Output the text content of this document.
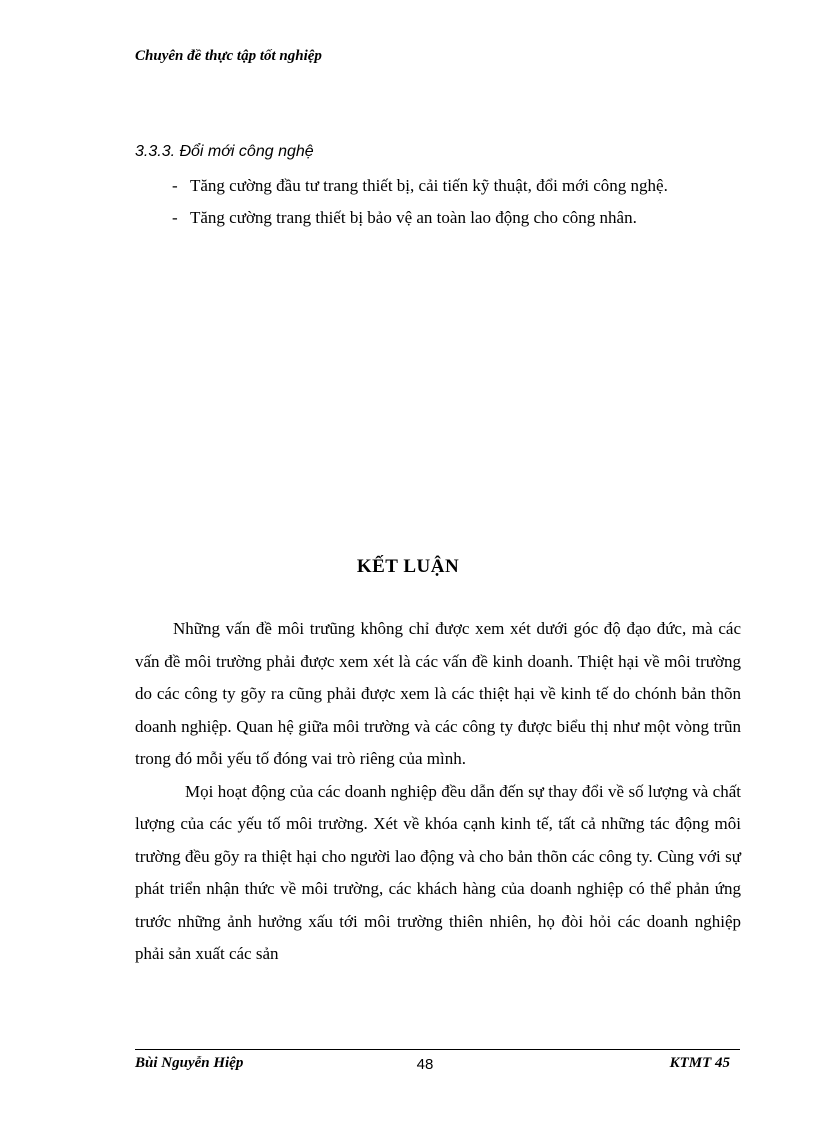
Chuyên đề thực tập tốt nghiệp
3.3.3. Đổi mới công nghệ
- Tăng cường đầu tư trang thiết bị, cải tiến kỹ thuật, đổi mới công nghệ.
- Tăng cường trang thiết bị bảo vệ an toàn lao động cho công nhân.
KẾT LUẬN

Những vấn đề môi trưũng không chỉ được xem xét dưới góc độ đạo đức, mà các vấn đề môi trường phải được xem xét là các vấn đề kinh doanh. Thiệt hại về môi trường do các công ty gõy ra cũng phải được xem là các thiệt hại về kinh tế do chónh bản thõn doanh nghiệp. Quan hệ giữa môi trường và các công ty được biểu thị như một vòng trũn trong đó mỗi yếu tố đóng vai trò riêng của mình.

Mọi hoạt động của các doanh nghiệp đều dẫn đến sự thay đổi về số lượng và chất lượng của các yếu tố môi trường. Xét về khóa cạnh kinh tế, tất cả những tác động môi trường đều gõy ra thiệt hại cho người lao động và cho bản thõn các công ty. Cùng với sự phát triển nhận thức về môi trường, các khách hàng của doanh nghiệp có thể phản ứng trước những ảnh hưởng xấu tới môi trường thiên nhiên, họ đòi hỏi các doanh nghiệp phải sản xuất các sản

Bùi Nguyễn Hiệp	48	KTMT 45
